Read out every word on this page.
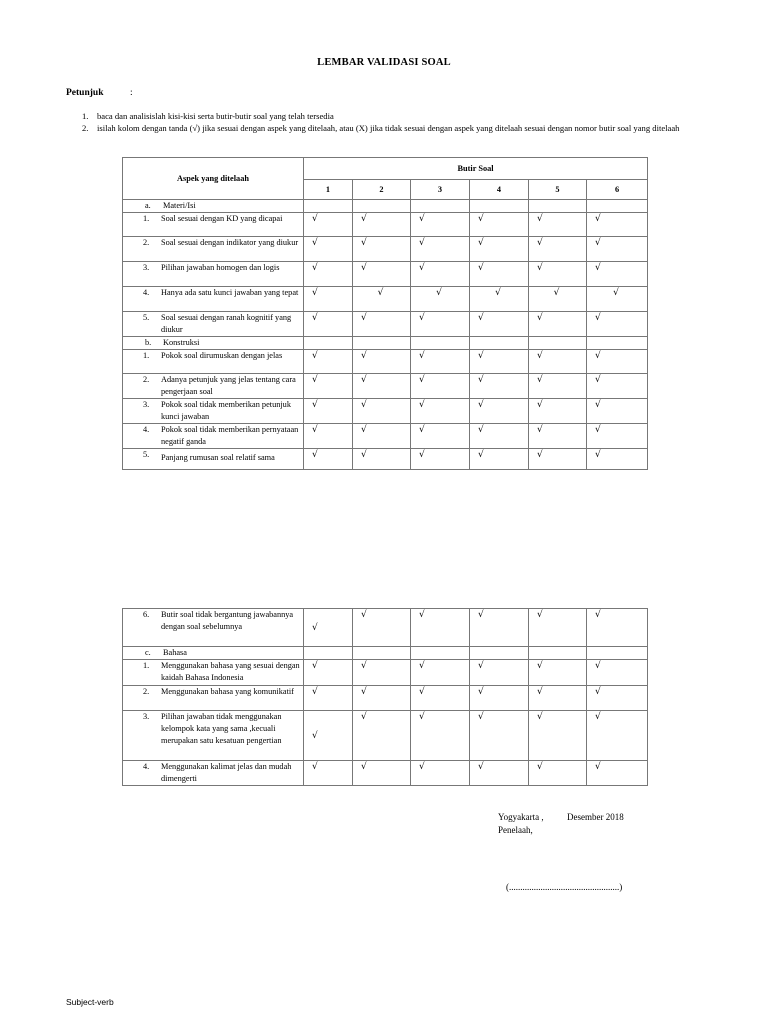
LEMBAR VALIDASI SOAL
Petunjuk	:
1. baca dan analisislah kisi-kisi serta butir-butir soal yang telah tersedia
2. isilah kolom dengan tanda (√) jika sesuai dengan aspek yang ditelaah, atau (X) jika tidak sesuai dengan aspek yang ditelaah sesuai dengan nomor butir soal yang ditelaah
Aspek yang ditelaah	Butir Soal					
	1	2	3	4	5	6
a. Materi/Isi						

1. Soal sesuai dengan KD yang dicapai	√	√	√	√	√	√

2. Soal sesuai dengan indikator yang diukur	√	√	√	√	√	√

3. Pilihan jawaban homogen dan logis	√	√	√	√	√	√

4. Hanya ada satu kunci jawaban yang tepat	√	√	√	√	√	√

5. Soal sesuai dengan ranah kognitif yang diukur	√	√	√	√	√	√
b. Konstruksi						

1. Pokok soal dirumuskan dengan jelas	√	√	√	√	√	√

2. Adanya petunjuk yang jelas tentang cara pengerjaan soal	√	√	√	√	√	√

3. Pokok soal tidak memberikan petunjuk kunci jawaban	√	√	√	√	√	√

4. Pokok soal tidak memberikan pernyataan negatif ganda	√	√	√	√	√	√

5. Panjang rumusan soal relatif sama	√	√	√	√	√	√
6. Butir soal tidak bergantung jawabannya dengan soal sebelumnya	√	√	√	√	√	√
c. Bahasa						

1. Menggunakan bahasa yang sesuai dengan kaidah Bahasa Indonesia	√	√	√	√	√	√

2. Menggunakan bahasa yang komunikatif	√	√	√	√	√	√

3. Pilihan jawaban tidak menggunakan kelompok kata yang sama ,kecuali merupakan satu kesatuan pengertian	√	√	√	√	√	√

4. Menggunakan kalimat jelas dan mudah dimengerti	√	√	√	√	√	√
Yogyakarta ,	Desember 2018
Penelaah,
(.................................................)
Subject-verb
